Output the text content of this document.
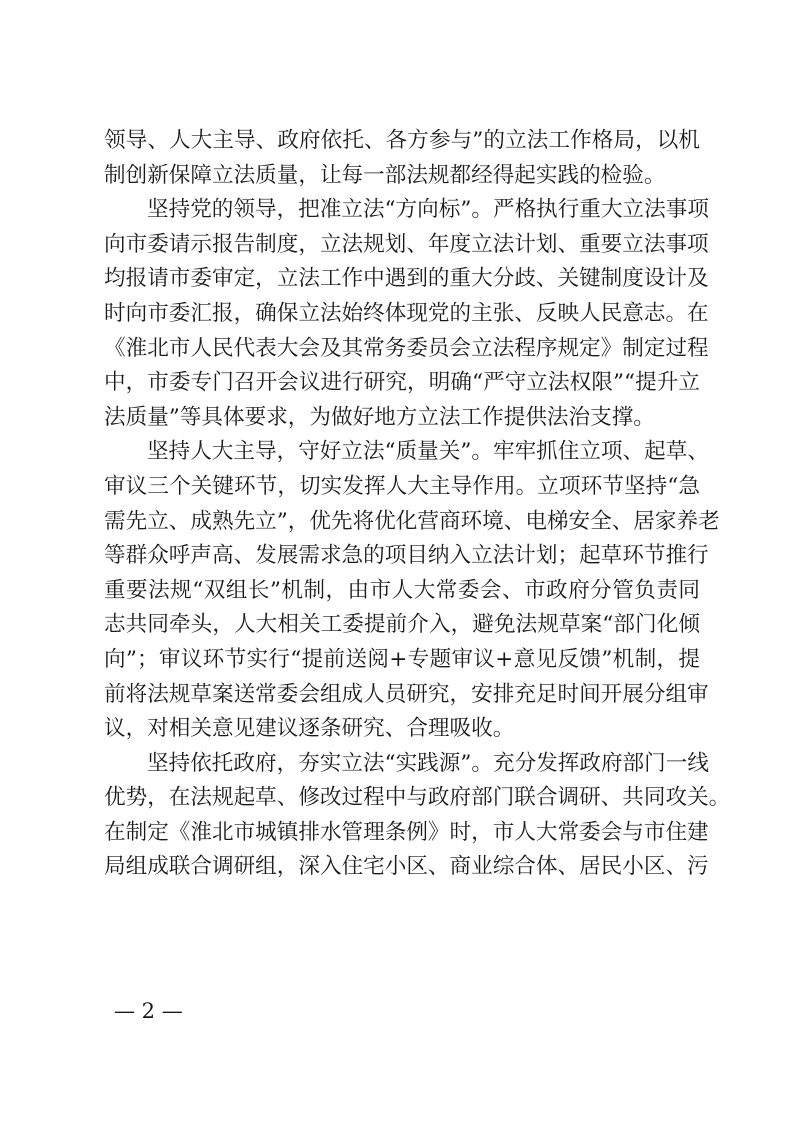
领导、人大主导、政府依托、各方参与”的立法工作格局，以机
制创新保障立法质量，让每一部法规都经得起实践的检验。
坚持党的领导，把准立法“方向标”。严格执行重大立法事项
向市委请示报告制度，立法规划、年度立法计划、重要立法事项
均报请市委审定，立法工作中遇到的重大分歧、关键制度设计及
时向市委汇报，确保立法始终体现党的主张、反映人民意志。在
《淮北市人民代表大会及其常务委员会立法程序规定》制定过程
中，市委专门召开会议进行研究，明确“严守立法权限”“提升立
法质量”等具体要求，为做好地方立法工作提供法治支撑。
坚持人大主导，守好立法“质量关”。牢牢抓住立项、起草、
审议三个关键环节，切实发挥人大主导作用。立项环节坚持“急
需先立、成熟先立”，优先将优化营商环境、电梯安全、居家养老
等群众呼声高、发展需求急的项目纳入立法计划；起草环节推行
重要法规“双组长”机制，由市人大常委会、市政府分管负责同
志共同牵头，人大相关工委提前介入，避免法规草案“部门化倾
向”；审议环节实行“提前送阅+专题审议+意见反馈”机制，提
前将法规草案送常委会组成人员研究，安排充足时间开展分组审
议，对相关意见建议逐条研究、合理吸收。
坚持依托政府，夯实立法“实践源”。充分发挥政府部门一线
优势，在法规起草、修改过程中与政府部门联合调研、共同攻关。
在制定《淮北市城镇排水管理条例》时，市人大常委会与市住建
局组成联合调研组，深入住宅小区、商业综合体、居民小区、污
— 2 —
